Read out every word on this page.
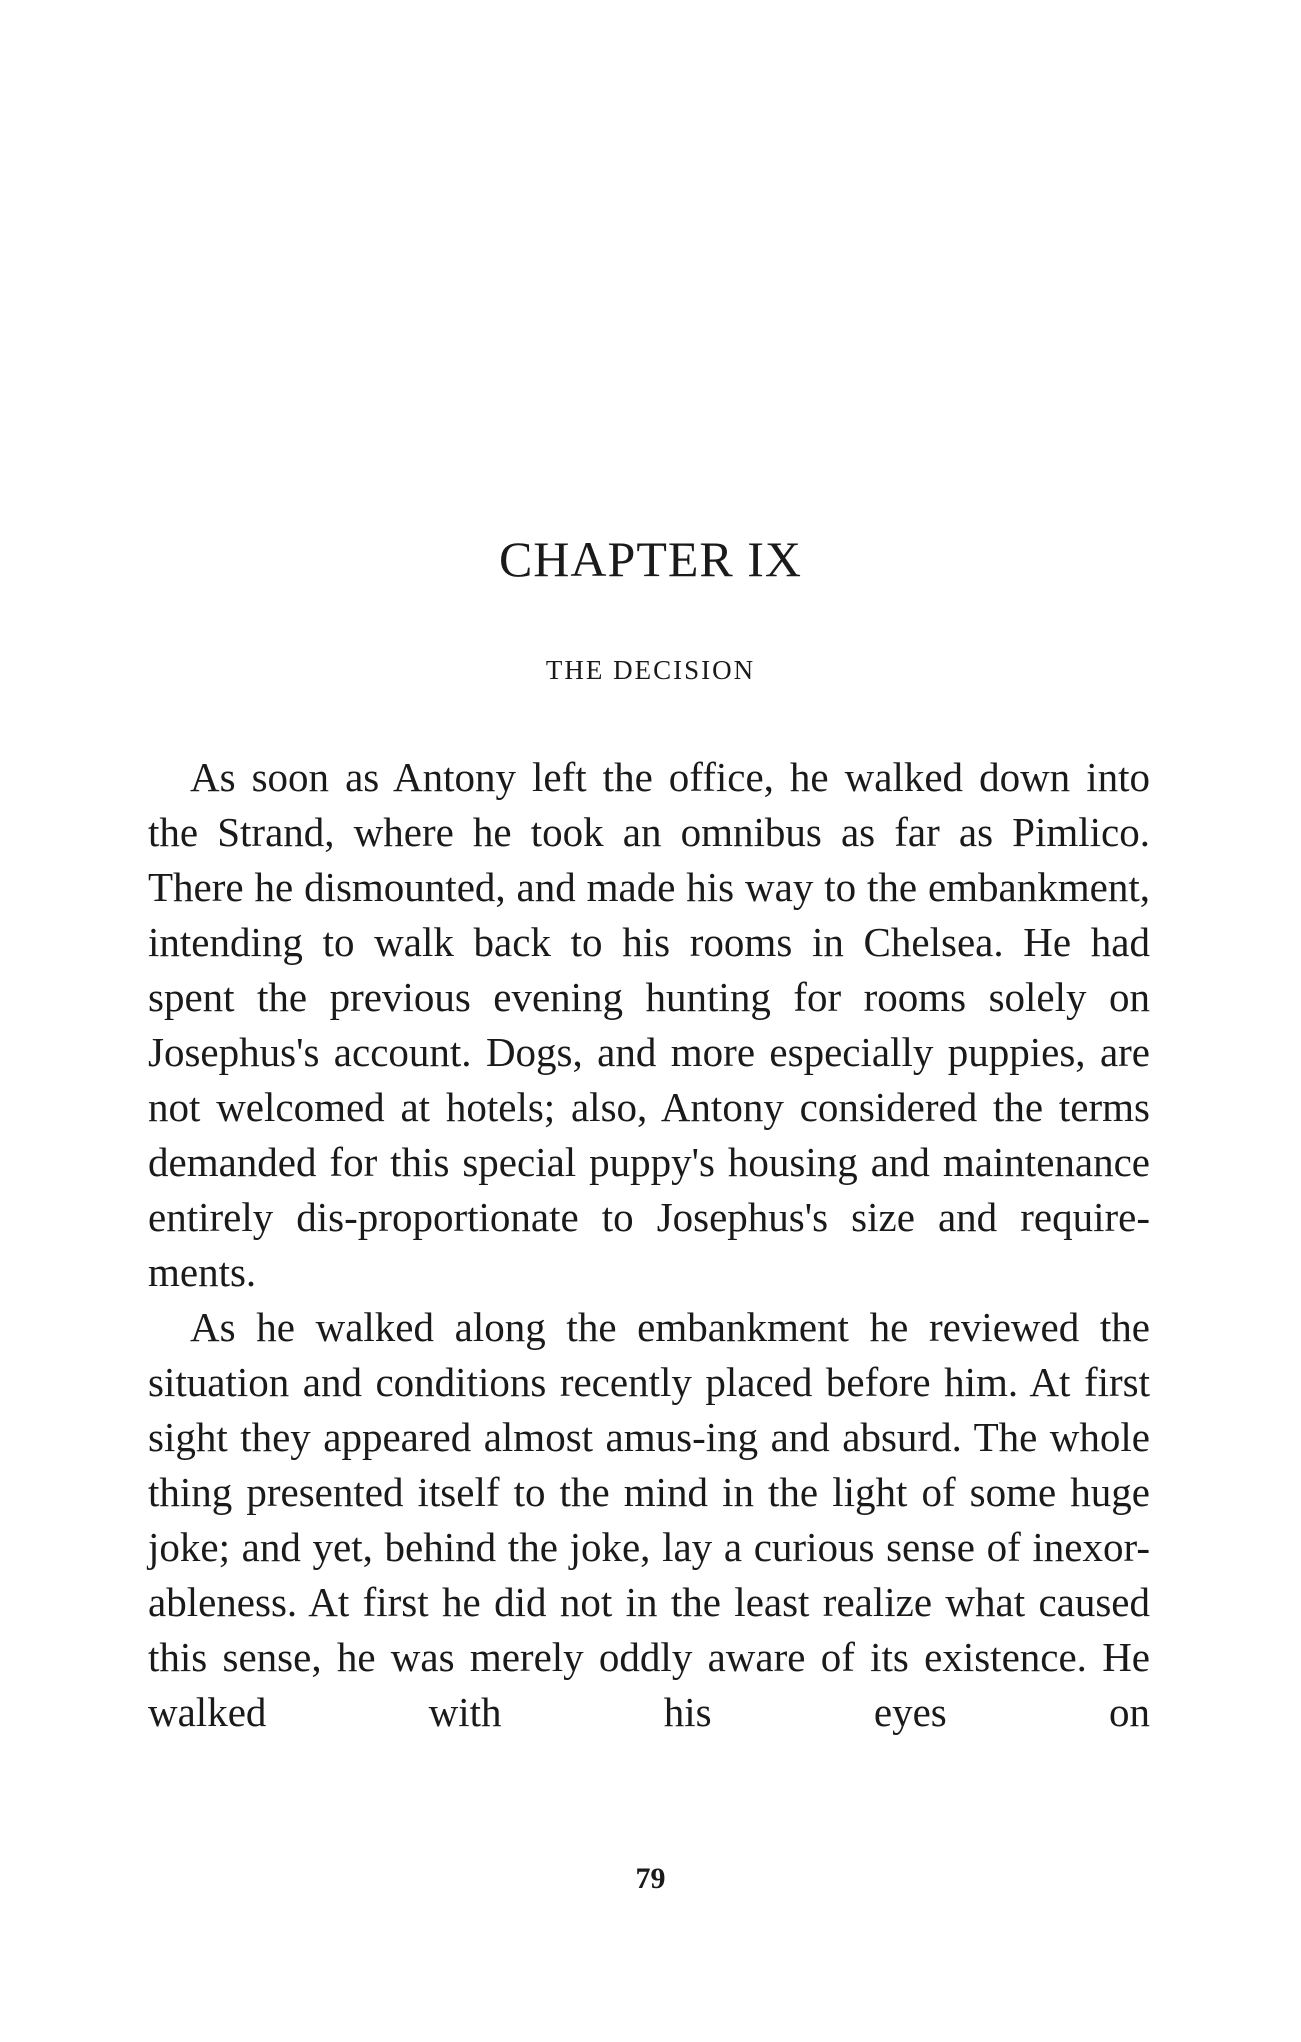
CHAPTER IX
THE DECISION

As soon as Antony left the office, he walked down into the Strand, where he took an omnibus as far as Pimlico. There he dismounted, and made his way to the embankment, intending to walk back to his rooms in Chelsea. He had spent the previous evening hunting for rooms solely on Josephus's account. Dogs, and more especially puppies, are not welcomed at hotels; also, Antony considered the terms demanded for this special puppy's housing and maintenance entirely dis-proportionate to Josephus's size and require-ments.

As he walked along the embankment he reviewed the situation and conditions recently placed before him. At first sight they appeared almost amus-ing and absurd. The whole thing presented itself to the mind in the light of some huge joke; and yet, behind the joke, lay a curious sense of inexor-ableness. At first he did not in the least realize what caused this sense, he was merely oddly aware of its existence. He walked with his eyes on

79
